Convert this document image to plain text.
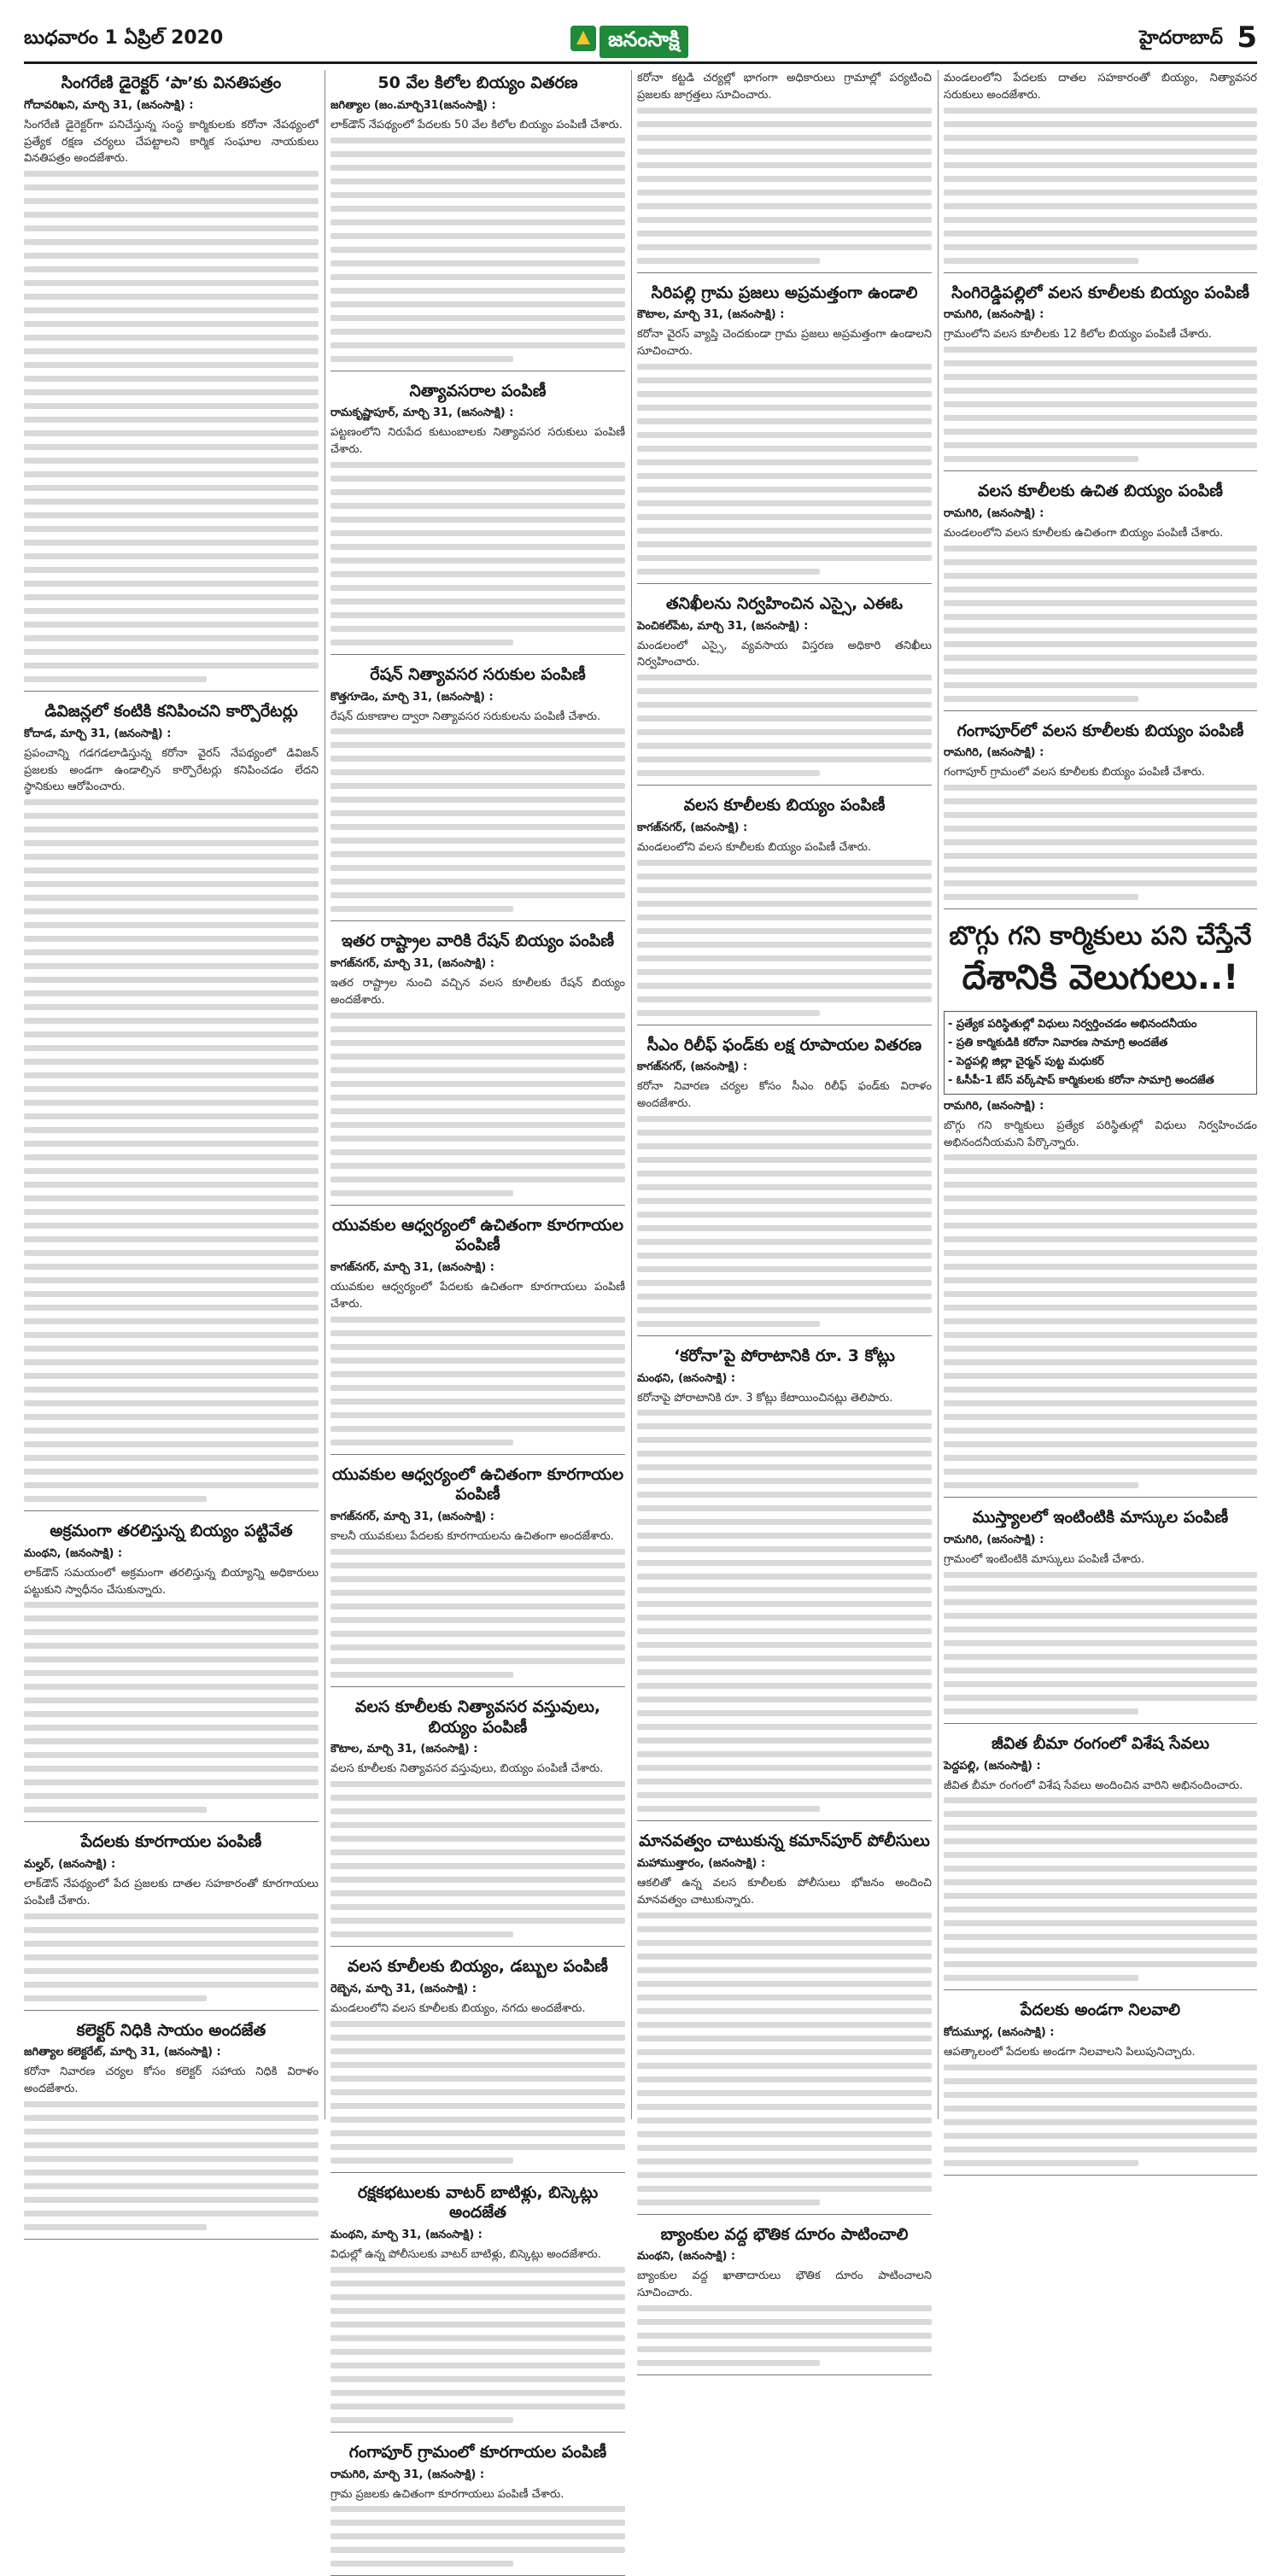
బుధవారం 1 ఏప్రిల్ 2020	జనంసాక్షి	హైదరాబాద్ 5
సింగరేణి డైరెక్టర్ ‘పా’కు వినతిపత్రం
గోదావరిఖని, మార్చి 31, (జనంసాక్షి) :
సింగరేణి డైరెక్టర్‌గా పనిచేస్తున్న సంస్థ కార్మికులకు కరోనా నేపథ్యంలో ప్రత్యేక రక్షణ చర్యలు చేపట్టాలని కార్మిక సంఘాల నాయకులు వినతిపత్రం అందజేశారు.
డివిజన్లలో కంటికి కనిపించని కార్పొరేటర్లు
కోదాడ, మార్చి 31, (జనంసాక్షి) :
ప్రపంచాన్ని గడగడలాడిస్తున్న కరోనా వైరస్ నేపథ్యంలో డివిజన్ ప్రజలకు అండగా ఉండాల్సిన కార్పొరేటర్లు కనిపించడం లేదని స్థానికులు ఆరోపించారు.
అక్రమంగా తరలిస్తున్న బియ్యం పట్టివేత
మంథని, (జనంసాక్షి) :
లాక్‌డౌన్ సమయంలో అక్రమంగా తరలిస్తున్న బియ్యాన్ని అధికారులు పట్టుకుని స్వాధీనం చేసుకున్నారు.
పేదలకు కూరగాయల పంపిణీ
మల్హర్, (జనంసాక్షి) :
లాక్‌డౌన్ నేపథ్యంలో పేద ప్రజలకు దాతల సహకారంతో కూరగాయలు పంపిణీ చేశారు.
కలెక్టర్ నిధికి సాయం అందజేత
జగిత్యాల కలెక్టరేట్, మార్చి 31, (జనంసాక్షి) :
కరోనా నివారణ చర్యల కోసం కలెక్టర్ సహాయ నిధికి విరాళం అందజేశారు.
50 వేల కిలోల బియ్యం వితరణ
జగిత్యాల (జం.మార్చి31(జనంసాక్షి) :
లాక్‌డౌన్ నేపథ్యంలో పేదలకు 50 వేల కిలోల బియ్యం పంపిణీ చేశారు.
నిత్యావసరాల పంపిణీ
రామకృష్ణాపూర్, మార్చి 31, (జనంసాక్షి) :
పట్టణంలోని నిరుపేద కుటుంబాలకు నిత్యావసర సరుకులు పంపిణీ చేశారు.
రేషన్ నిత్యావసర సరుకుల పంపిణీ
కొత్తగూడెం, మార్చి 31, (జనంసాక్షి) :
రేషన్ దుకాణాల ద్వారా నిత్యావసర సరుకులను పంపిణీ చేశారు.
ఇతర రాష్ట్రాల వారికి రేషన్ బియ్యం పంపిణీ
కాగజ్‌నగర్, మార్చి 31, (జనంసాక్షి) :
ఇతర రాష్ట్రాల నుంచి వచ్చిన వలస కూలీలకు రేషన్ బియ్యం అందజేశారు.
యువకుల ఆధ్వర్యంలో ఉచితంగా కూరగాయల పంపిణీ
కాగజ్‌నగర్, మార్చి 31, (జనంసాక్షి) :
యువకుల ఆధ్వర్యంలో పేదలకు ఉచితంగా కూరగాయలు పంపిణీ చేశారు.
యువకుల ఆధ్వర్యంలో ఉచితంగా కూరగాయల పంపిణీ
కాగజ్‌నగర్, మార్చి 31, (జనంసాక్షి) :
కాలనీ యువకులు పేదలకు కూరగాయలను ఉచితంగా అందజేశారు.
వలస కూలీలకు నిత్యావసర వస్తువులు, బియ్యం పంపిణీ
కౌటాల, మార్చి 31, (జనంసాక్షి) :
వలస కూలీలకు నిత్యావసర వస్తువులు, బియ్యం పంపిణీ చేశారు.
వలస కూలీలకు బియ్యం, డబ్బుల పంపిణీ
రెబ్బెన, మార్చి 31, (జనంసాక్షి) :
మండలంలోని వలస కూలీలకు బియ్యం, నగదు అందజేశారు.
రక్షకభటులకు వాటర్ బాటిళ్లు, బిస్కెట్లు అందజేత
మంథని, మార్చి 31, (జనంసాక్షి) :
విధుల్లో ఉన్న పోలీసులకు వాటర్ బాటిళ్లు, బిస్కెట్లు అందజేశారు.
గంగాపూర్ గ్రామంలో కూరగాయల పంపిణీ
రామగిరి, మార్చి 31, (జనంసాక్షి) :
గ్రామ ప్రజలకు ఉచితంగా కూరగాయలు పంపిణీ చేశారు.
కరోనా కట్టడి చర్యల్లో భాగంగా అధికారులు గ్రామాల్లో పర్యటించి ప్రజలకు జాగ్రత్తలు సూచించారు.
సిరిపల్లి గ్రామ ప్రజలు అప్రమత్తంగా ఉండాలి
కౌటాల, మార్చి 31, (జనంసాక్షి) :
కరోనా వైరస్ వ్యాప్తి చెందకుండా గ్రామ ప్రజలు అప్రమత్తంగా ఉండాలని సూచించారు.
తనిఖీలను నిర్వహించిన ఎస్సై, ఎఈఓ
పెంచికల్‌పేట, మార్చి 31, (జనంసాక్షి) :
మండలంలో ఎస్సై, వ్యవసాయ విస్తరణ అధికారి తనిఖీలు నిర్వహించారు.
వలస కూలీలకు బియ్యం పంపిణీ
కాగజ్‌నగర్, (జనంసాక్షి) :
మండలంలోని వలస కూలీలకు బియ్యం పంపిణీ చేశారు.
సీఎం రిలీఫ్ ఫండ్‌కు లక్ష రూపాయల వితరణ
కాగజ్‌నగర్, (జనంసాక్షి) :
కరోనా నివారణ చర్యల కోసం సీఎం రిలీఫ్ ఫండ్‌కు విరాళం అందజేశారు.
‘కరోనా’పై పోరాటానికి రూ. 3 కోట్లు
మంథని, (జనంసాక్షి) :
కరోనాపై పోరాటానికి రూ. 3 కోట్లు కేటాయించినట్లు తెలిపారు.
మానవత్వం చాటుకున్న కమాన్‌పూర్ పోలీసులు
మహాముత్తారం, (జనంసాక్షి) :
ఆకలితో ఉన్న వలస కూలీలకు పోలీసులు భోజనం అందించి మానవత్వం చాటుకున్నారు.
బ్యాంకుల వద్ద భౌతిక దూరం పాటించాలి
మంథని, (జనంసాక్షి) :
బ్యాంకుల వద్ద ఖాతాదారులు భౌతిక దూరం పాటించాలని సూచించారు.
మండలంలోని పేదలకు దాతల సహకారంతో బియ్యం, నిత్యావసర సరుకులు అందజేశారు.
సింగిరెడ్డిపల్లిలో వలస కూలీలకు బియ్యం పంపిణీ
రామగిరి, (జనంసాక్షి) :
గ్రామంలోని వలస కూలీలకు 12 కిలోల బియ్యం పంపిణీ చేశారు.
వలస కూలీలకు ఉచిత బియ్యం పంపిణీ
రామగిరి, (జనంసాక్షి) :
మండలంలోని వలస కూలీలకు ఉచితంగా బియ్యం పంపిణీ చేశారు.
గంగాపూర్‌లో వలస కూలీలకు బియ్యం పంపిణీ
రామగిరి, (జనంసాక్షి) :
గంగాపూర్ గ్రామంలో వలస కూలీలకు బియ్యం పంపిణీ చేశారు.
బొగ్గు గని కార్మికులు పని చేస్తేనే
దేశానికి వెలుగులు..!
- ప్రత్యేక పరిస్థితుల్లో విధులు నిర్వర్తించడం అభినందనీయం
- ప్రతి కార్మికుడికి కరోనా నివారణ సామాగ్రి అందజేత
- పెద్దపల్లి జిల్లా చైర్మన్ పుట్ట మధుకర్
- ఓసీపీ-1 బేస్ వర్క్‌షాప్ కార్మికులకు కరోనా సామాగ్రి అందజేత
రామగిరి, (జనంసాక్షి) :
బొగ్గు గని కార్మికులు ప్రత్యేక పరిస్థితుల్లో విధులు నిర్వహించడం అభినందనీయమని పేర్కొన్నారు.
ముస్త్యాలలో ఇంటింటికి మాస్కుల పంపిణీ
రామగిరి, (జనంసాక్షి) :
గ్రామంలో ఇంటింటికి మాస్కులు పంపిణీ చేశారు.
జీవిత బీమా రంగంలో విశేష సేవలు
పెద్దపల్లి, (జనంసాక్షి) :
జీవిత బీమా రంగంలో విశేష సేవలు అందించిన వారిని అభినందించారు.
పేదలకు అండగా నిలవాలి
కోదుమూర్ల, (జనంసాక్షి) :
ఆపత్కాలంలో పేదలకు అండగా నిలవాలని పిలుపునిచ్చారు.
